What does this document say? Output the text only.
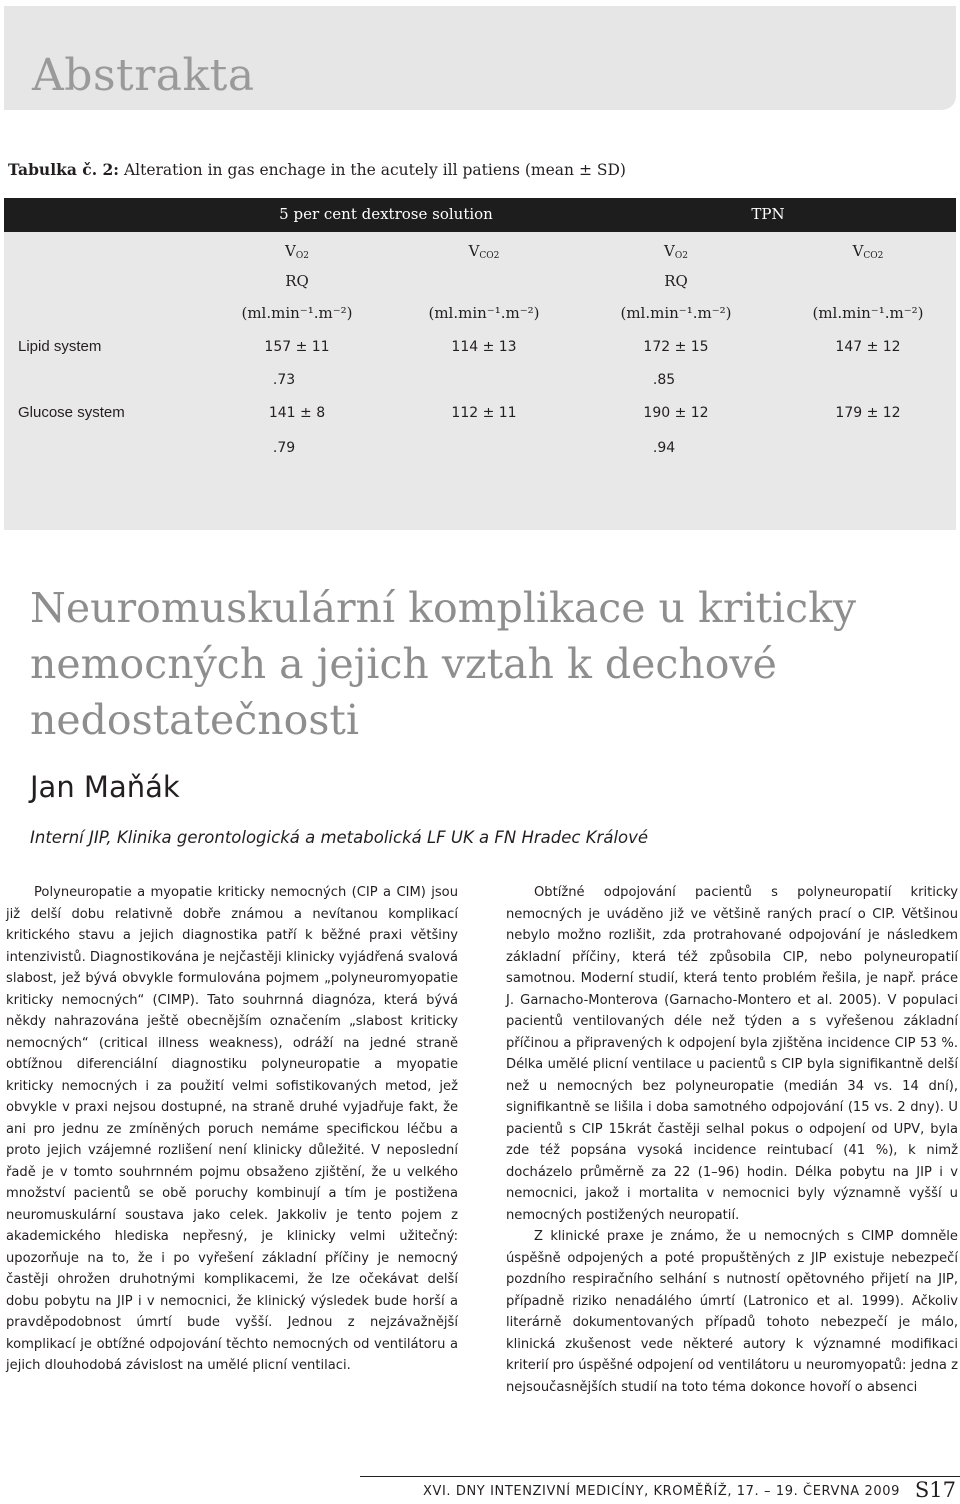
Abstrakta
Tabulka č. 2: Alteration in gas enchage in the acutely ill patiens (mean ± SD)
5 per cent dextrose solution	TPN
$V_{O2}$	$V_{CO2}$	$V_{O2}$	$V_{CO2}$
RQ	RQ
(ml.min⁻¹.m⁻²)	(ml.min⁻¹.m⁻²)	(ml.min⁻¹.m⁻²)	(ml.min⁻¹.m⁻²)
Lipid system	157 ± 11	114 ± 13	172 ± 15	147 ± 12
.73	.85
Glucose system	141 ± 8	112 ± 11	190 ± 12	179 ± 12
.79	.94
Neuromuskulární komplikace u kriticky
nemocných a jejich vztah k dechové
nedostatečnosti
Jan Maňák
Interní JIP, Klinika gerontologická a metabolická LF UK a FN Hradec Králové

Polyneuropatie a myopatie kriticky nemocných (CIP a CIM) jsou již delší dobu relativně dobře známou a nevítanou komplikací kritického stavu a jejich diagnostika patří k běžné praxi většiny intenzivistů. Diagnostikována je nejčastěji klinicky vyjádřená svalová slabost, jež bývá obvykle formulována pojmem „polyneuromyopatie kriticky nemocných“ (CIMP). Tato souhrnná diagnóza, která bývá někdy nahrazována ještě obecnějším označením „slabost kriticky nemocných“ (critical illness weakness), odráží na jedné straně obtížnou diferenciální diagnostiku polyneuropatie a myopatie kriticky nemocných i za použití velmi sofistikovaných metod, jež obvykle v praxi nejsou dostupné, na straně druhé vyjadřuje fakt, že ani pro jednu ze zmíněných poruch nemáme specifickou léčbu a proto jejich vzájemné rozlišení není klinicky důležité. V neposlední řadě je v tomto souhrnném pojmu obsaženo zjištění, že u velkého množství pacientů se obě poruchy kombinují a tím je postižena neuromuskulární soustava jako celek. Jakkoliv je tento pojem z akademického hlediska nepřesný, je klinicky velmi užitečný: upozorňuje na to, že i po vyřešení základní příčiny je nemocný častěji ohrožen druhotnými komplikacemi, že lze očekávat delší dobu pobytu na JIP i v nemocnici, že klinický výsledek bude horší a pravděpodobnost úmrtí bude vyšší. Jednou z nejzávažnější komplikací je obtížné odpojování těchto nemocných od ventilátoru a jejich dlouhodobá závislost na umělé plicní ventilaci.

Obtížné odpojování pacientů s polyneuropatií kriticky nemocných je uváděno již ve většině raných prací o CIP. Většinou nebylo možno rozlišit, zda protrahované odpojování je následkem základní příčiny, která též způsobila CIP, nebo polyneuropatií samotnou. Moderní studií, která tento problém řešila, je např. práce J. Garnacho-Monterova (Garnacho-Montero et al. 2005). V populaci pacientů ventilovaných déle než týden a s vyřešenou základní příčinou a připravených k odpojení byla zjištěna incidence CIP 53 %. Délka umělé plicní ventilace u pacientů s CIP byla signifikantně delší než u nemocných bez polyneuropatie (medián 34 vs. 14 dní), signifikantně se lišila i doba samotného odpojování (15 vs. 2 dny). U pacientů s CIP 15krát častěji selhal pokus o odpojení od UPV, byla zde též popsána vysoká incidence reintubací (41 %), k nimž docházelo průměrně za 22 (1–96) hodin. Délka pobytu na JIP i v nemocnici, jakož i mortalita v nemocnici byly významně vyšší u nemocných postižených neuropatií.

Z klinické praxe je známo, že u nemocných s CIMP domněle úspěšně odpojených a poté propuštěných z JIP existuje nebezpečí pozdního respiračního selhání s nutností opětovného přijetí na JIP, případně riziko nenadálého úmrtí (Latronico et al. 1999). Ačkoliv literárně dokumentovaných případů tohoto nebezpečí je málo, klinická zkušenost vede některé autory k významné modifikaci kriterií pro úspěšné odpojení od ventilátoru u neuromyopatů: jedna z nejsoučasnějších studií na toto téma dokonce hovoří o absenci

XVI. DNY INTENZIVNÍ MEDICÍNY, KROMĚŘÍŽ, 17. – 19. ČERVNA 2009 S17
